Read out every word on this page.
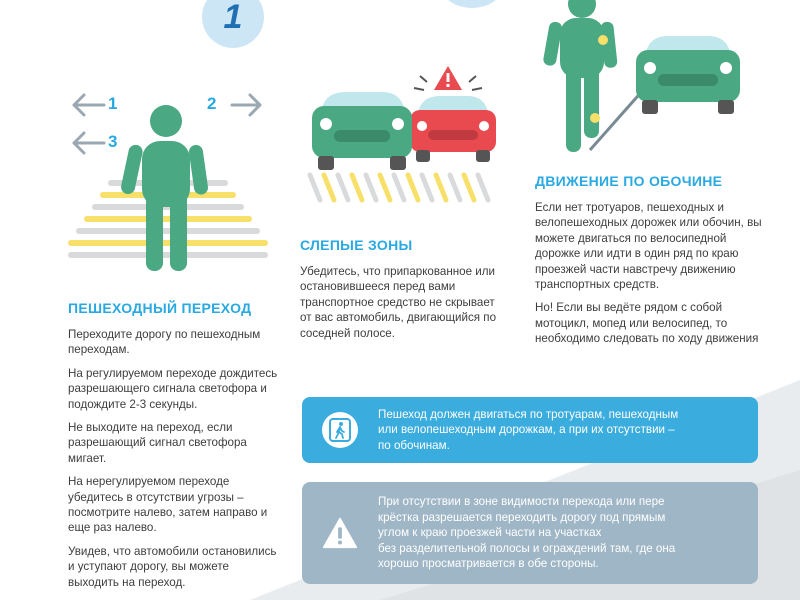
1
1	2
3
ПЕШЕХОДНЫЙ ПЕРЕХОД

Переходите дорогу по пешеходным переходам.

На регулируемом переходе дождитесь разрешающего сигнала светофора и подождите 2-3 секунды.

Не выходите на переход, если разрешающий сигнал светофора мигает.

На нерегулируемом переходе убедитесь в отсутствии угрозы – посмотрите налево, затем направо и еще раз налево.

Увидев, что автомобили остановились и уступают дорогу, вы можете выходить на переход.

СЛЕПЫЕ ЗОНЫ

Убедитесь, что припаркованное или остановившееся перед вами транспортное средство не скрывает от вас автомобиль, двигающийся по соседней полосе.

ДВИЖЕНИЕ ПО ОБОЧИНЕ

Если нет тротуаров, пешеходных и велопешеходных дорожек или обочин, вы можете двигаться по велосипедной дорожке или идти в один ряд по краю проезжей части навстречу движению транспортных средств.

Но! Если вы ведёте рядом с собой мотоцикл, мопед или велосипед, то необходимо следовать по ходу движения

Пешеход должен двигаться по тротуарам, пешеходным
или велопешеходным дорожкам, а при их отсутствии –
по обочинам.
При отсутствии в зоне видимости перехода или пере
крёстка разрешается переходить дорогу под прямым
углом к краю проезжей части на участках
без разделительной полосы и ограждений там, где она
хорошо просматривается в обе стороны.
